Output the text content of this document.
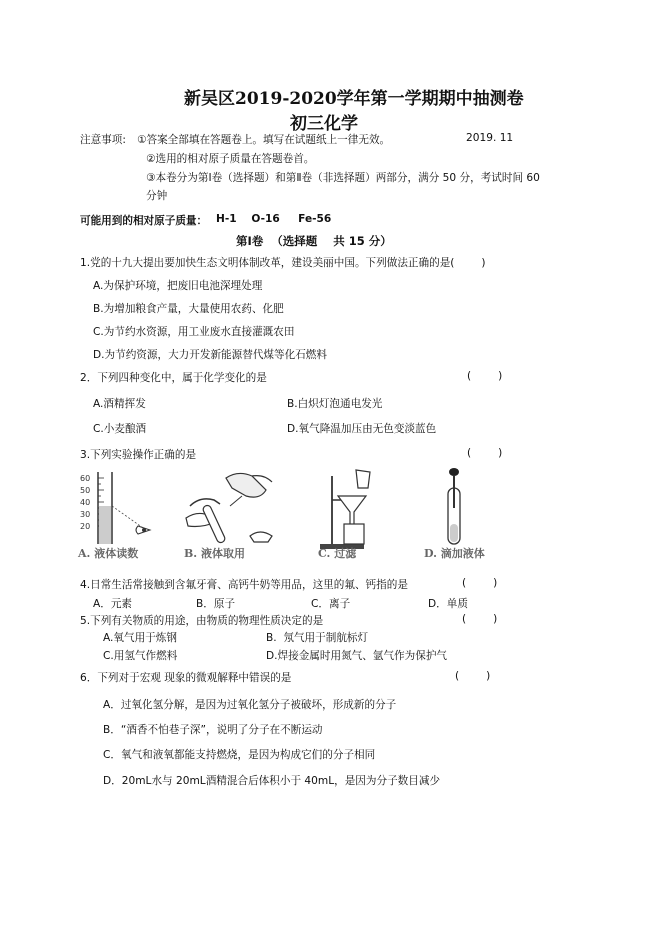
新吴区2019-2020学年第一学期期中抽测卷
初三化学
注意事项: ①答案全部填在答题卷上。填写在试题纸上一律无效。	2019. 11
②选用的相对原子质量在答题卷首。
③本卷分为第Ⅰ卷（选择题）和第Ⅱ卷（非选择题）两部分，满分 50 分，考试时间 60
分钟
可能用到的相对原子质量： H-1    O-16     Fe-56
第Ⅰ卷  （选择题    共 15 分）
1.党的十九大提出要加快生态文明体制改革，建设美丽中国。下列做法正确的是(        )
A.为保护环境，把废旧电池深埋处理
B.为增加粮食产量，大量使用农药、化肥
C.为节约水资源，用工业废水直接灌溉农田
D.为节约资源，大力开发新能源替代煤等化石燃料
2．下列四种变化中，属于化学变化的是	(        )
A.酒精挥发	B.白炽灯泡通电发光
C.小麦酿酒	D.氧气降温加压由无色变淡蓝色
3.下列实验操作正确的是	(        )
60
50
40
30
20
A. 液体读数	B. 液体取用	C. 过滤	D. 滴加液体
4.日常生活常接触到含氟牙膏、高钙牛奶等用品，这里的氟、钙指的是	(        )
A．元素	B．原子	C．离子	D．单质
5.下列有关物质的用途，由物质的物理性质决定的是	(        )
A.氧气用于炼钢	B.  氖气用于制航标灯
C.用氢气作燃料	D.焊接金属时用氮气、氩气作为保护气
6．下列对于宏观 现象的微观解释中错误的是	(        )
A．过氧化氢分解，是因为过氧化氢分子被破坏，形成新的分子
B．“酒香不怕巷子深”，说明了分子在不断运动
C．氧气和液氧都能支持燃烧，是因为构成它们的分子相同
D．20mL水与 20mL酒精混合后体积小于 40mL，是因为分子数目减少
